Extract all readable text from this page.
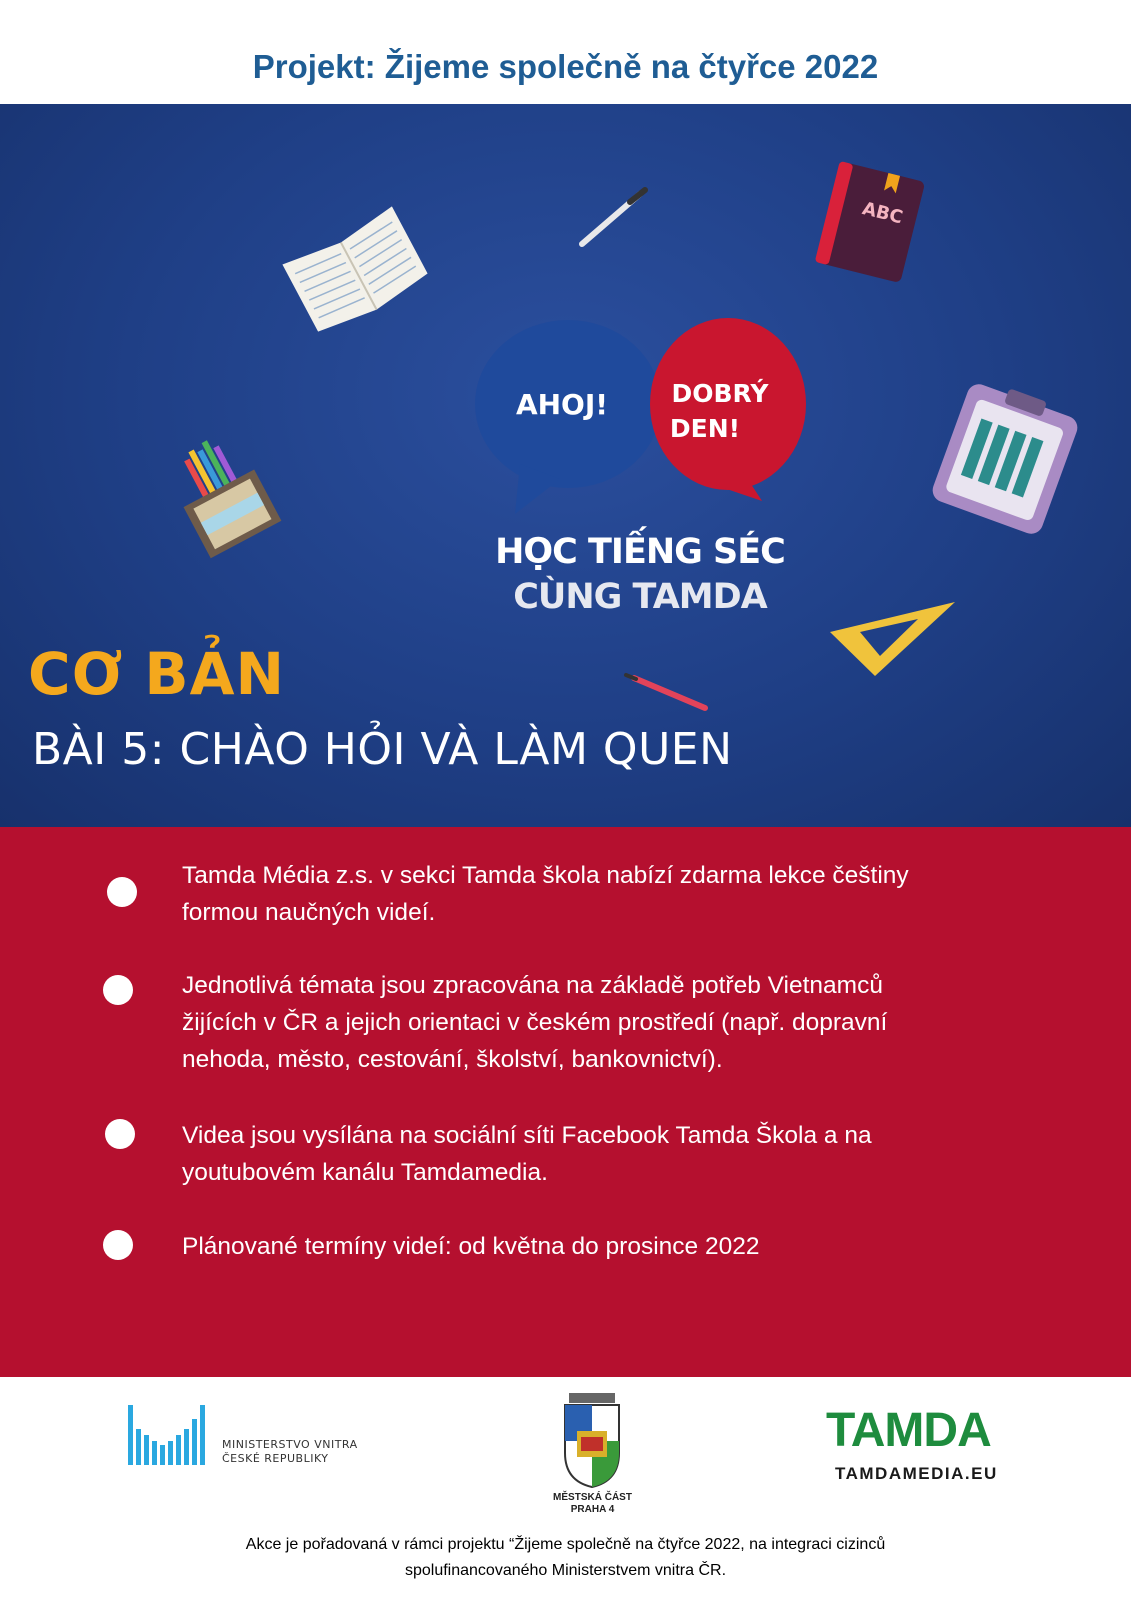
Projekt: Žijeme společně na čtyřce 2022
ABC
AHOJ!	DOBRÝ
DEN!
HỌC TIẾNG SÉC
CÙNG TAMDA
CƠ BẢN
BÀI 5: CHÀO HỎI VÀ LÀM QUEN
Tamda Média z.s. v sekci Tamda škola nabízí zdarma lekce češtiny
formou naučných videí.
Jednotlivá témata jsou zpracována na základě potřeb Vietnamců
žijících v ČR a jejich orientaci v českém prostředí (např. dopravní
nehoda, město, cestování, školství, bankovnictví).
Videa jsou vysílána na sociální síti Facebook Tamda Škola a na
youtubovém kanálu Tamdamedia.
Plánované termíny videí: od května do prosince 2022
MINISTERSTVO VNITRA
ČESKÉ REPUBLIKY
MĚSTSKÁ ČÁST
PRAHA 4
TAMDA
TAMDAMEDIA.EU
Akce je pořadovaná v rámci projektu “Žijeme společně na čtyřce 2022, na integraci cizinců
spolufinancovaného Ministerstvem vnitra ČR.
